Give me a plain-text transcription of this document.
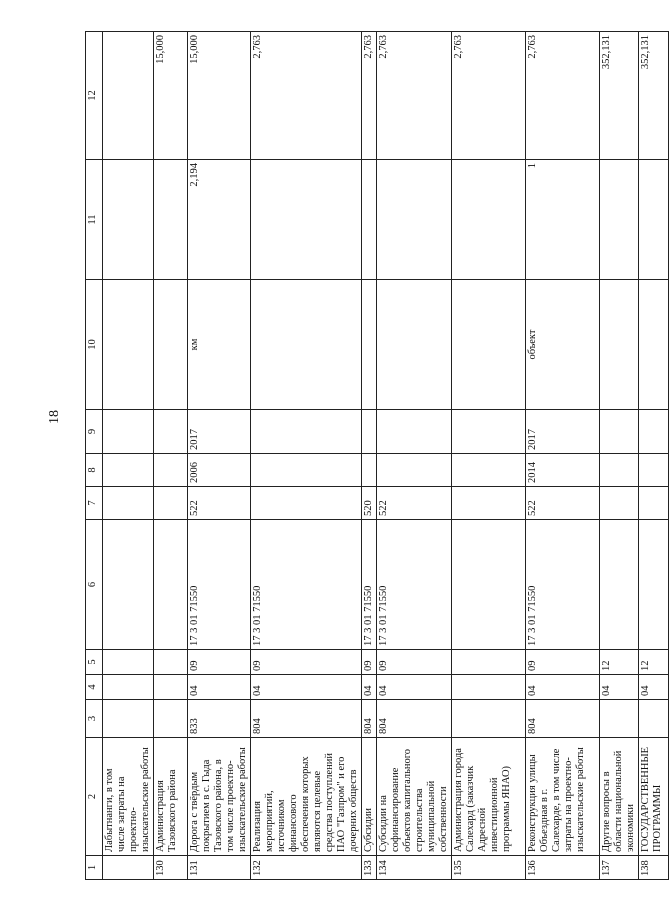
18
1	2	3	4	5	6	7	8	9	10	11	12
	Лабытнанги, в том числе затраты на проектно-изыскательские работы										
130	Администрация Тазовского района										15,000
131	Дорога с твёрдым покрытием в с. Гыда Тазовского района, в том числе проектно-изыскательские работы	833	04	09	17 3 01 71550	522	2006	2017	км	2,194	15,000
132	Реализация мероприятий, источником финансового обеспечения которых являются целевые средства поступлений ПАО "Газпром" и его дочерних обществ	804	04	09	17 3 01 71550						2,763
133	Субсидии	804	04	09	17 3 01 71550	520					2,763
134	Субсидии на софинансирование объектов капитального строительства муниципальной собственности	804	04	09	17 3 01 71550	522					2,763
135	Администрация города Салехард (заказчик Адресной инвестиционной программы ЯНАО)										2,763
136	Реконструкция улицы Объездная в г. Салехарде, в том числе затраты на проектно-изыскательские работы	804	04	09	17 3 01 71550	522	2014	2017	объект	1	2,763
137	Другие вопросы в области национальной экономики		04	12							352,131
138	ГОСУДАРСТВЕННЫЕ ПРОГРАММЫ		04	12							352,131
